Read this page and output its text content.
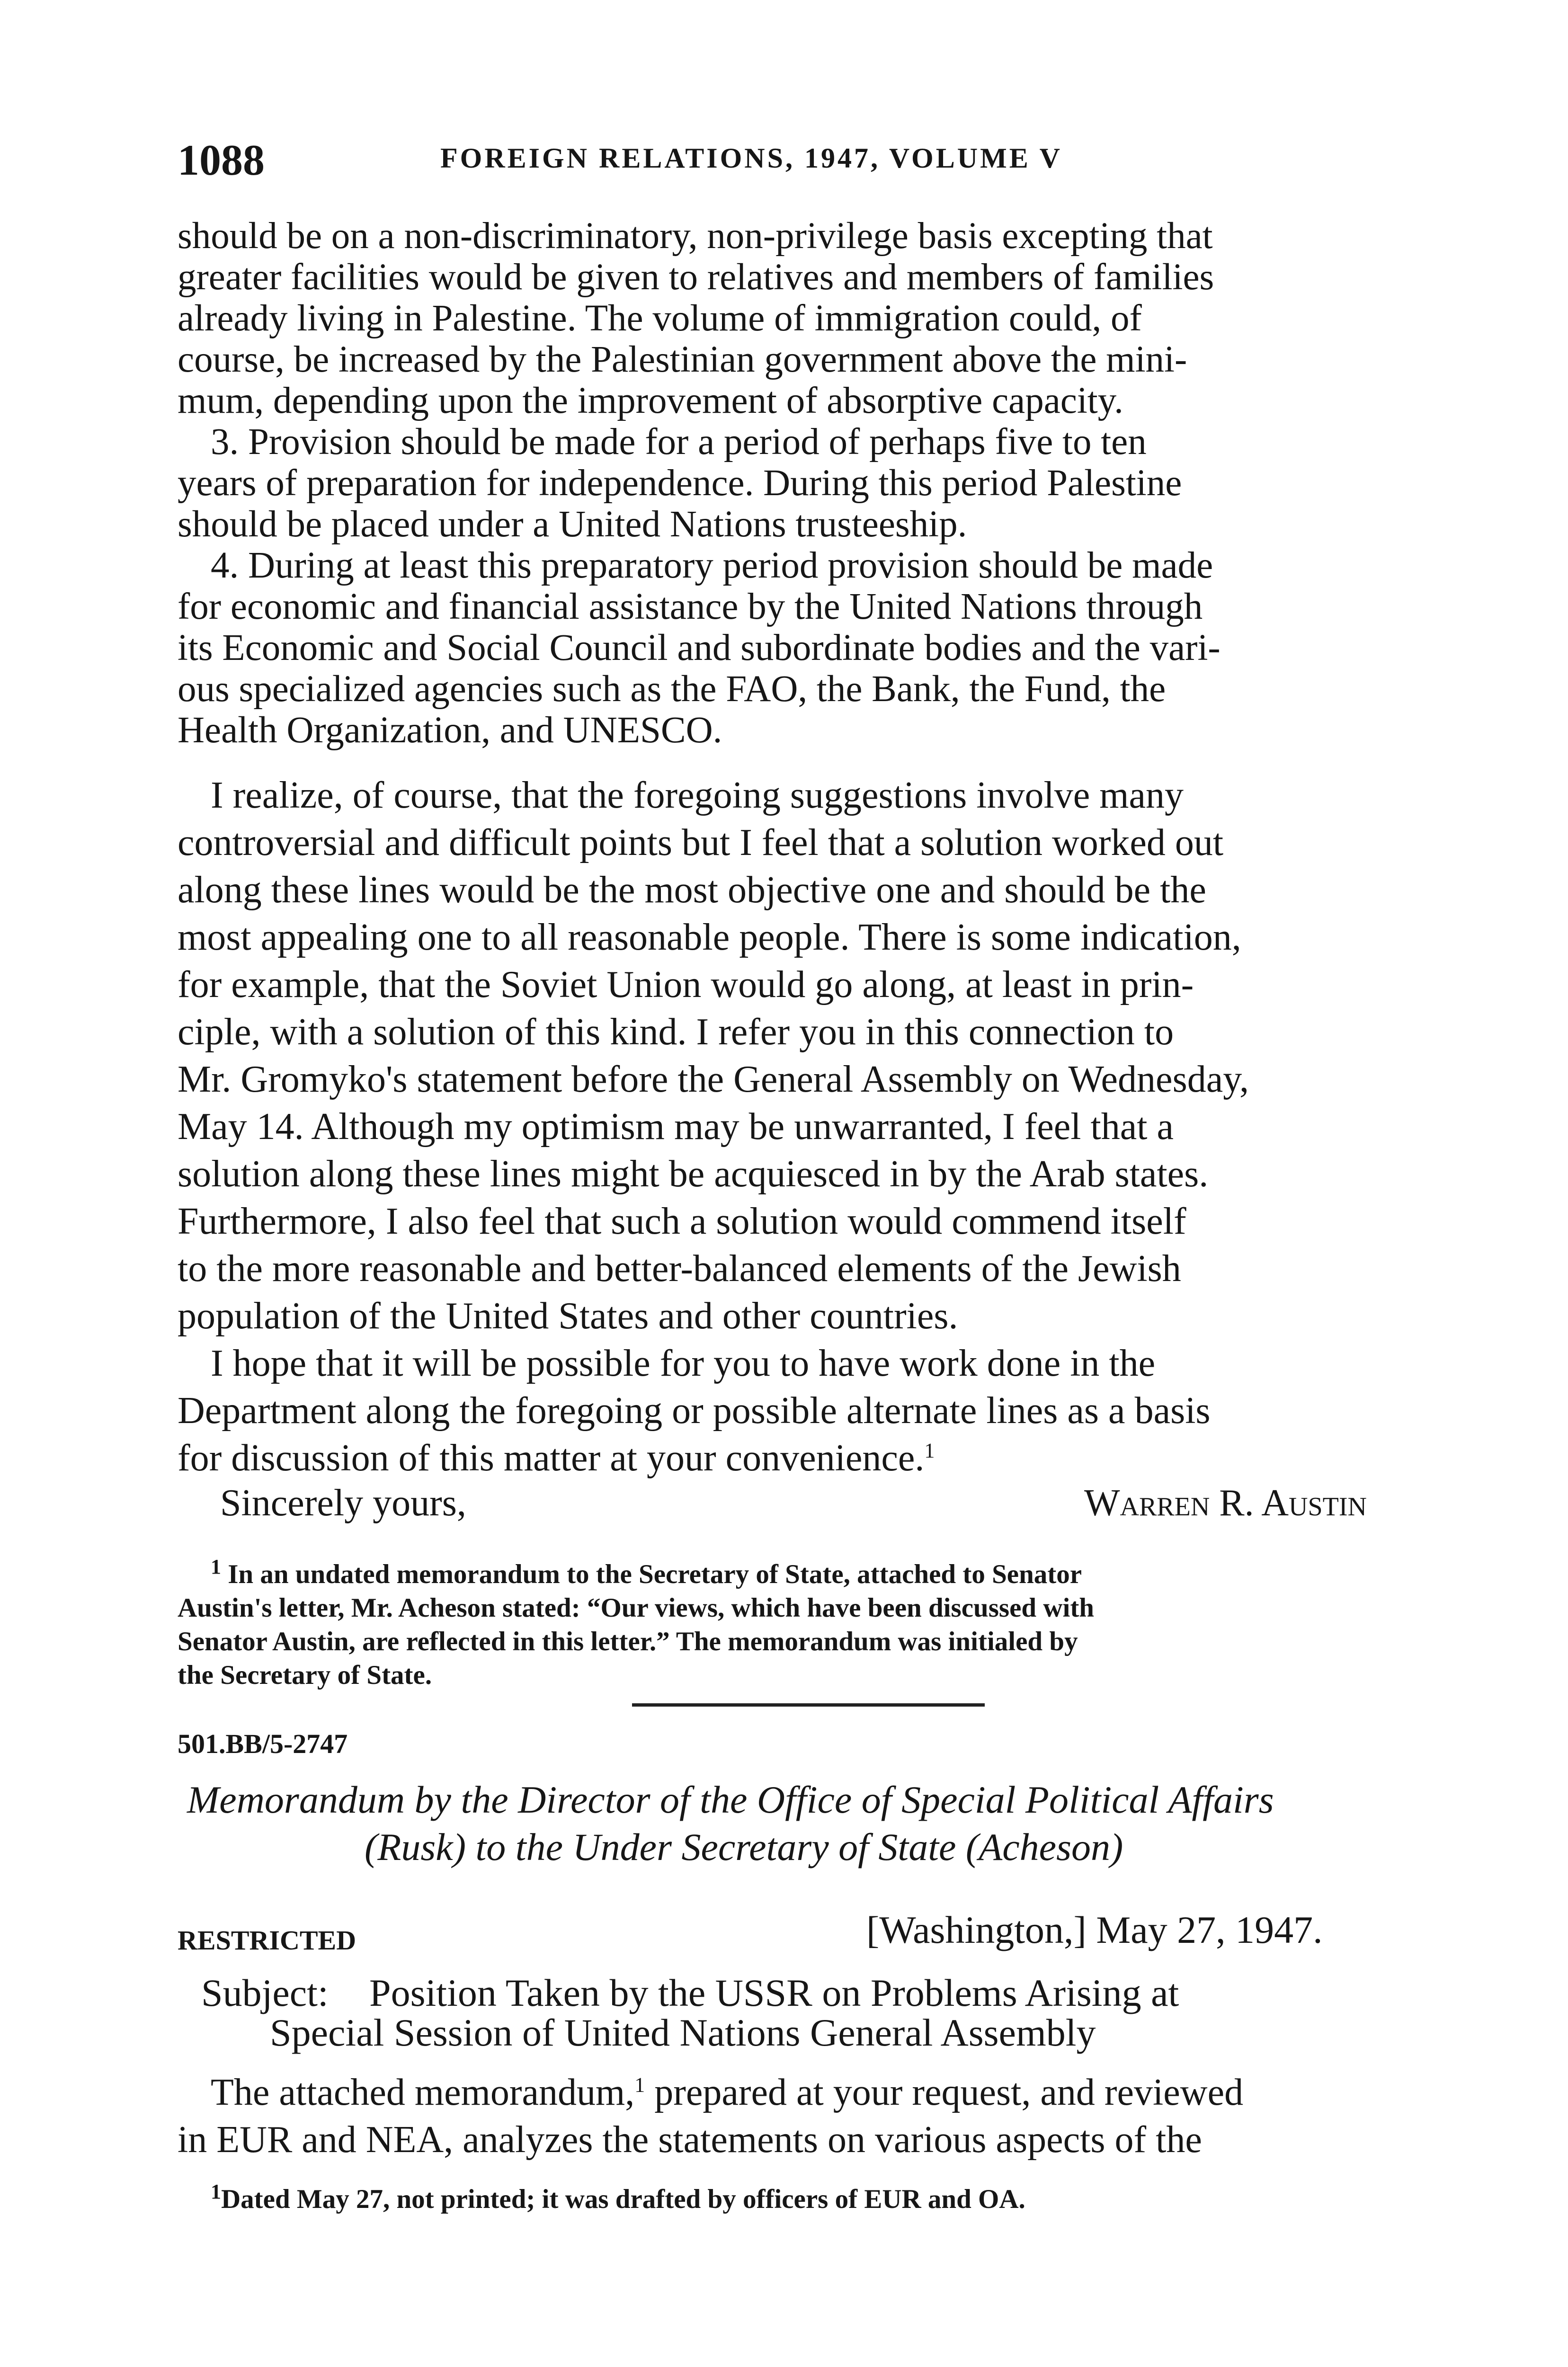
1088	FOREIGN RELATIONS, 1947, VOLUME V

should be on a non-discriminatory, non-privilege basis excepting that

greater facilities would be given to relatives and members of families

already living in Palestine. The volume of immigration could, of

course, be increased by the Palestinian government above the mini-

mum, depending upon the improvement of absorptive capacity.

3. Provision should be made for a period of perhaps five to ten

years of preparation for independence. During this period Palestine

should be placed under a United Nations trusteeship.

4. During at least this preparatory period provision should be made

for economic and financial assistance by the United Nations through

its Economic and Social Council and subordinate bodies and the vari-

ous specialized agencies such as the FAO, the Bank, the Fund, the

Health Organization, and UNESCO.

I realize, of course, that the foregoing suggestions involve many

controversial and difficult points but I feel that a solution worked out

along these lines would be the most objective one and should be the

most appealing one to all reasonable people. There is some indication,

for example, that the Soviet Union would go along, at least in prin-

ciple, with a solution of this kind. I refer you in this connection to

Mr. Gromyko's statement before the General Assembly on Wednesday,

May 14. Although my optimism may be unwarranted, I feel that a

solution along these lines might be acquiesced in by the Arab states.

Furthermore, I also feel that such a solution would commend itself

to the more reasonable and better-balanced elements of the Jewish

population of the United States and other countries.

I hope that it will be possible for you to have work done in the

Department along the foregoing or possible alternate lines as a basis

for discussion of this matter at your convenience.$^1$

Sincerely yours,	Warren R. Austin

$^1$ In an undated memorandum to the Secretary of State, attached to Senator

Austin's letter, Mr. Acheson stated: “Our views, which have been discussed with

Senator Austin, are reflected in this letter.” The memorandum was initialed by

the Secretary of State.

501.BB/5-2747
Memorandum by the Director of the Office of Special Political Affairs
(Rusk) to the Under Secretary of State (Acheson)
RESTRICTED	[Washington,] May 27, 1947.
Subject: Position Taken by the USSR on Problems Arising at
Special Session of United Nations General Assembly

The attached memorandum,$^1$ prepared at your request, and reviewed

in EUR and NEA, analyzes the statements on various aspects of the

$^1$Dated May 27, not printed; it was drafted by officers of EUR and OA.
